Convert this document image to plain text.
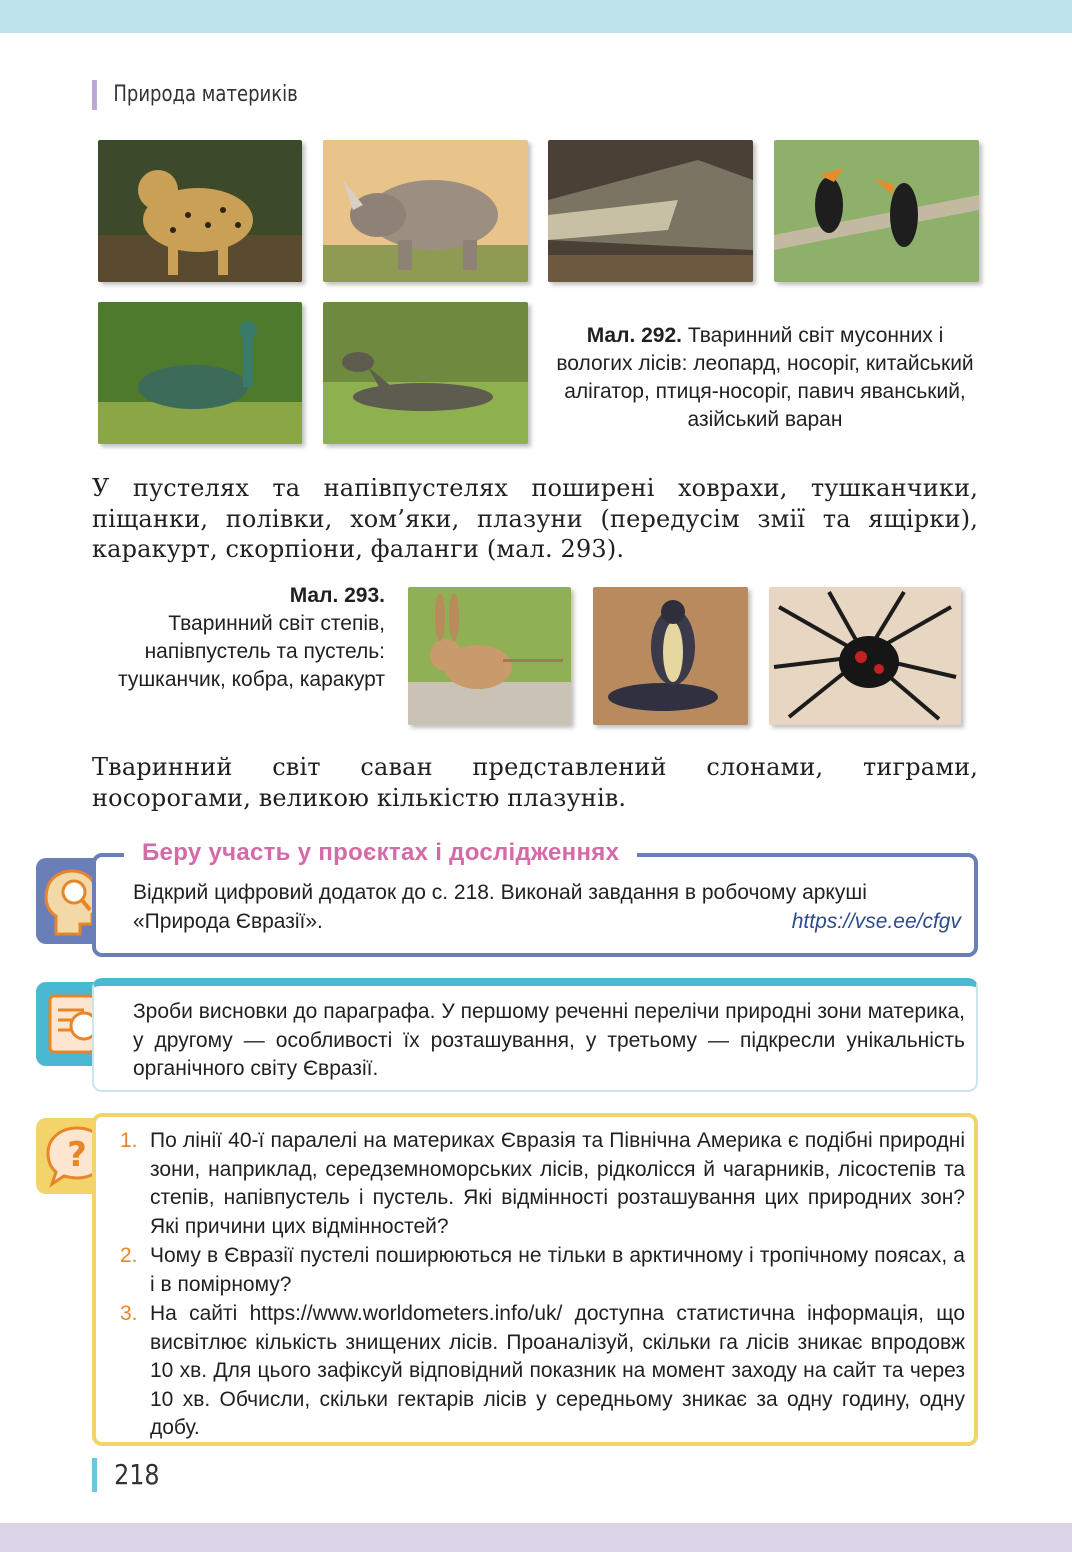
Природа материків
Мал. 292. Тваринний світ мусонних і вологих лісів: леопард, носоріг, китайський алігатор, птиця-носоріг, павич яванський, азійський варан
У пустелях та напівпустелях поширені ховрахи, тушканчики, піщанки, полівки, хом’яки, плазуни (передусім змії та ящірки), каракурт, скорпіони, фаланги (мал. 293).
Мал. 293.
Тваринний світ степів, напівпустель та пустель: тушканчик, кобра, каракурт
Тваринний світ саван представлений слонами, тиграми, носорогами, великою кількістю плазунів.
Беру участь у проєктах і дослідженнях
Відкрий цифровий додаток до с. 218. Виконай завдання в робочому аркуші «Природа Євразії».	https://vse.ee/cfgv
Зроби висновки до параграфа. У першому реченні перелічи природні зони материка, у другому — особливості їх розташування, у третьому — підкресли унікальність органічного світу Євразії.
? 1. По лінії 40-ї паралелі на материках Євразія та Північна Америка є подібні природні зони, наприклад, середземноморських лісів, рідколісся й чагарників, лісостепів та степів, напівпустель і пустель. Які відмінності розташування цих природних зон? Які причини цих відмінностей?
2. Чому в Євразії пустелі поширюються не тільки в арктичному і тропічному поясах, а і в помірному?
3. На сайті https://www.worldometers.info/uk/ доступна статистична інформація, що висвітлює кількість знищених лісів. Проаналізуй, скільки га лісів зникає впродовж 10 хв. Для цього зафіксуй відповідний показник на момент заходу на сайт та через 10 хв. Обчисли, скільки гектарів лісів у середньому зникає за одну годину, одну добу.
218
